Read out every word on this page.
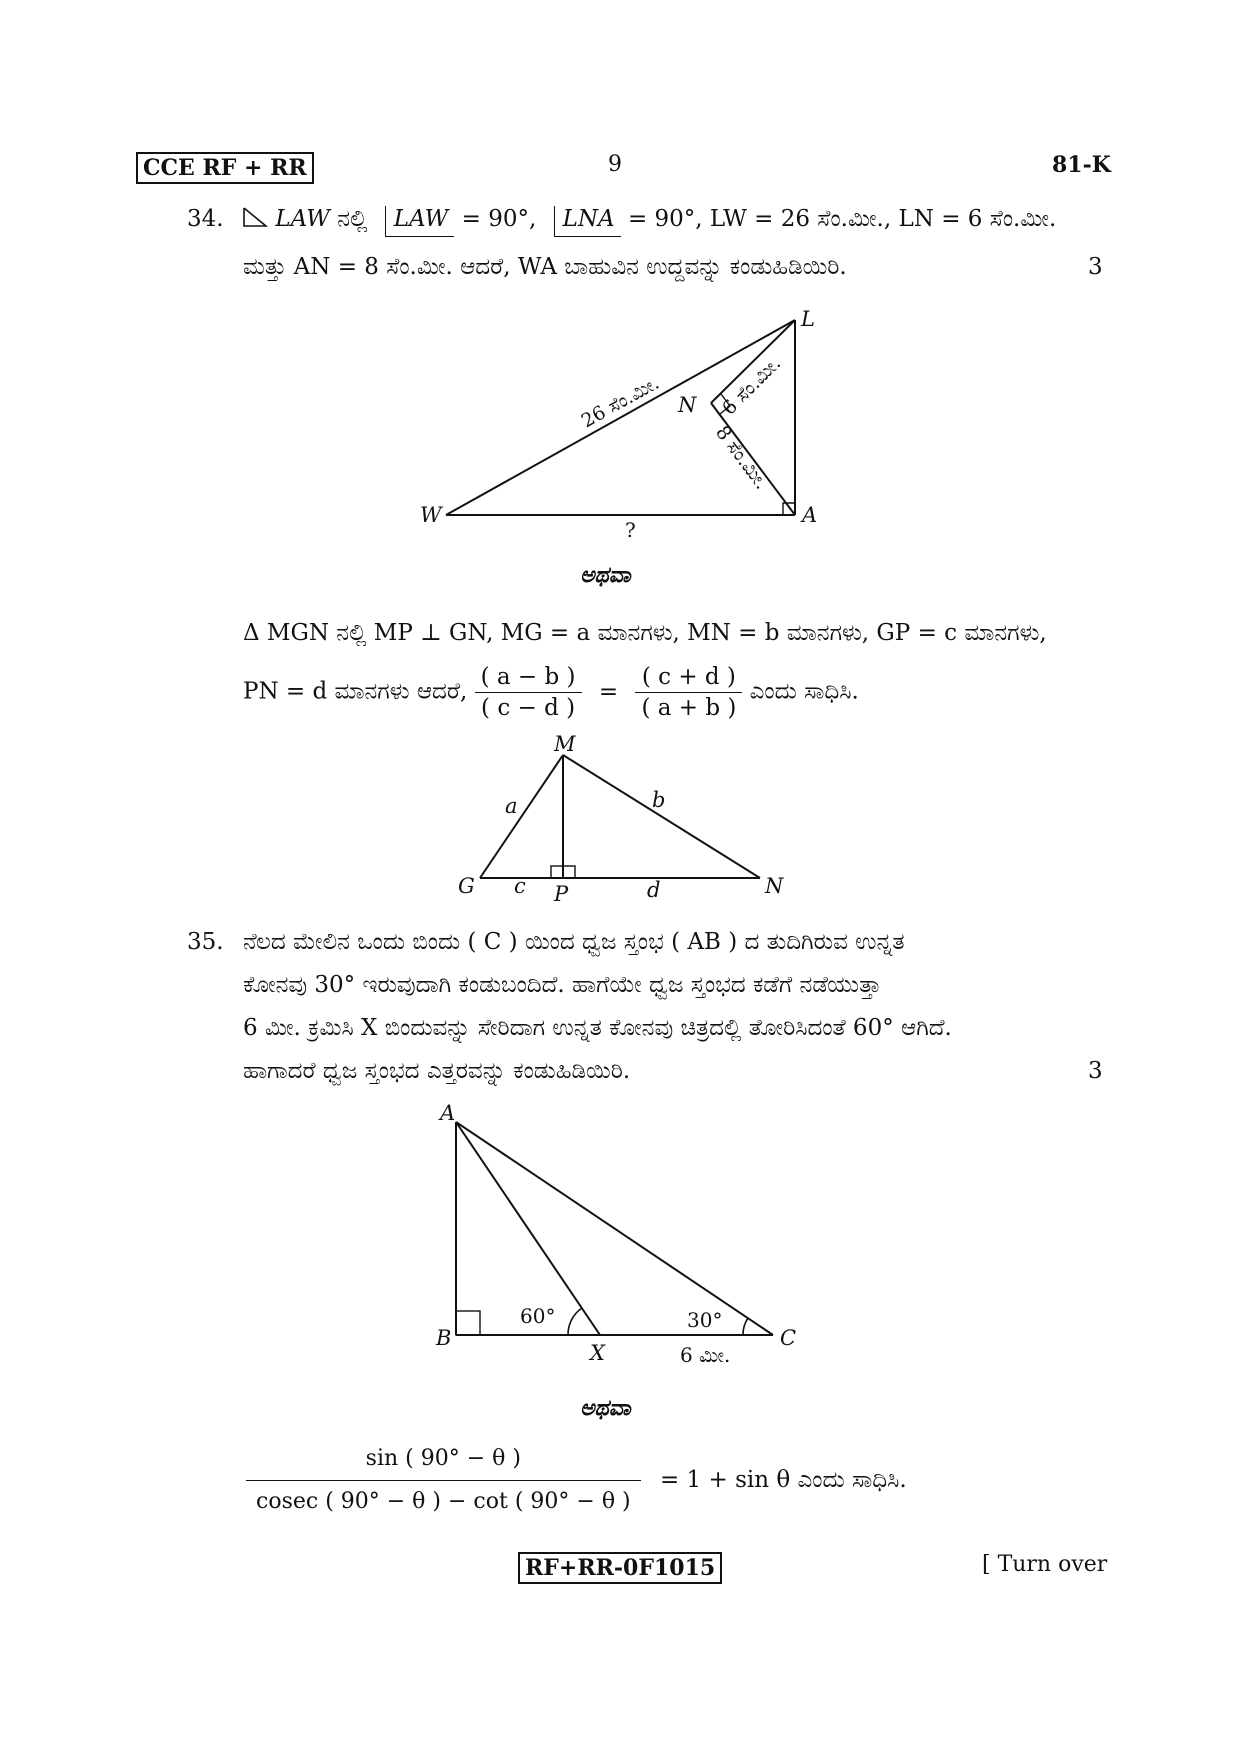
CCE RF + RR	9	81-K
34.	LAW ನಲ್ಲಿ LAW = 90°, LNA = 90°, LW = 26 ಸೆಂ.ಮೀ., LN = 6 ಸೆಂ.ಮೀ.
ಮತ್ತು AN = 8 ಸೆಂ.ಮೀ. ಆದರೆ, WA ಬಾಹುವಿನ ಉದ್ದವನ್ನು ಕಂಡುಹಿಡಿಯಿರಿ.	3
L
N
W	A
?
26 ಸೆಂ.ಮೀ.	6 ಸೆಂ.ಮೀ.
8 ಸೆಂ.ಮೀ.
ಅಥವಾ
Δ MGN ನಲ್ಲಿ MP ⊥ GN, MG = a ಮಾನಗಳು, MN = b ಮಾನಗಳು, GP = c ಮಾನಗಳು,
PN = d ಮಾನಗಳು ಆದರೆ, $\frac{( a - b )}{( c - d )} = \frac{( c + d )}{( a + b )}$ ಎಂದು ಸಾಧಿಸಿ.
M
G	P	N
a	b
c	d
35. ನೆಲದ ಮೇಲಿನ ಒಂದು ಬಿಂದು ( C ) ಯಿಂದ ಧ್ವಜ ಸ್ತಂಭ ( AB ) ದ ತುದಿಗಿರುವ ಉನ್ನತ
ಕೋನವು 30° ಇರುವುದಾಗಿ ಕಂಡುಬಂದಿದೆ. ಹಾಗೆಯೇ ಧ್ವಜ ಸ್ತಂಭದ ಕಡೆಗೆ ನಡೆಯುತ್ತಾ
6 ಮೀ. ಕ್ರಮಿಸಿ X ಬಿಂದುವನ್ನು ಸೇರಿದಾಗ ಉನ್ನತ ಕೋನವು ಚಿತ್ರದಲ್ಲಿ ತೋರಿಸಿದಂತೆ 60° ಆಗಿದೆ.
ಹಾಗಾದರೆ ಧ್ವಜ ಸ್ತಂಭದ ಎತ್ತರವನ್ನು ಕಂಡುಹಿಡಿಯಿರಿ.	3
A
B
X
C
60°	30°
6 ಮೀ.
ಅಥವಾ
$\frac{\sin ( 90^\circ - \theta )}{cosec ( 90^\circ - \theta ) - \cot ( 90^\circ - \theta )} = 1 + \sin \theta$ ಎಂದು ಸಾಧಿಸಿ.
RF+RR-0F1015	[ Turn over
